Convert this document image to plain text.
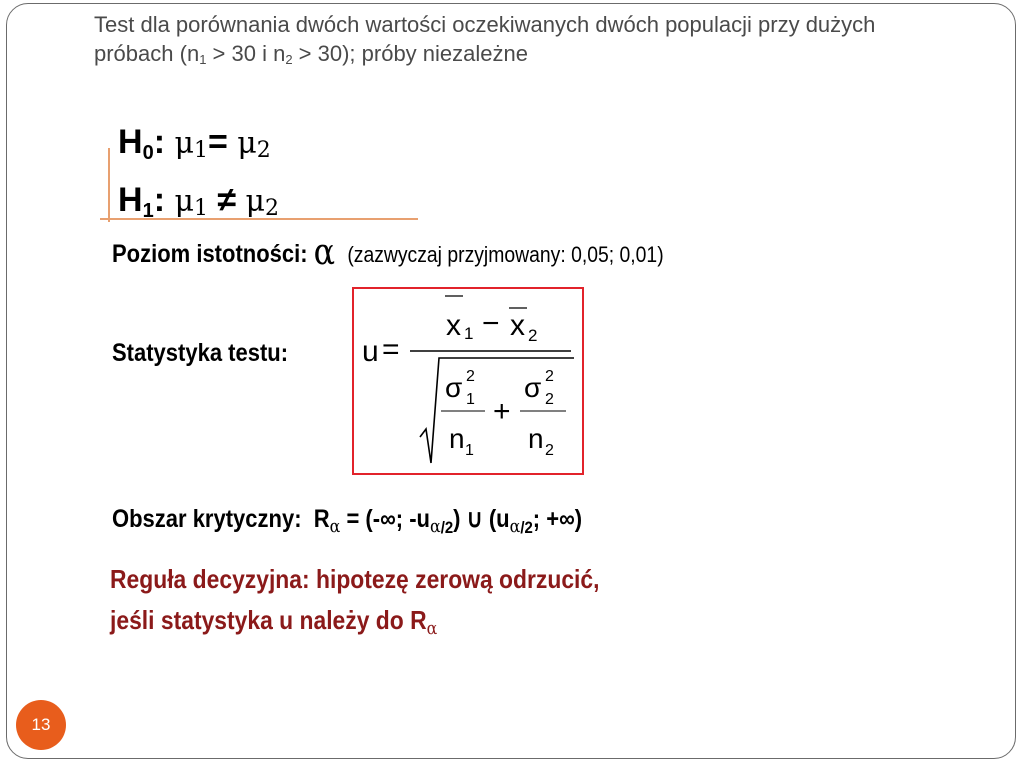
Test dla porównania dwóch wartości oczekiwanych dwóch populacji przy dużych
próbach ($n_1 > 30$ i $n_2 > 30$); próby niezależne
$H_0$: μ1= μ2
$H_1$: μ1 ≠ μ2
Poziom istotności: α (zazwyczaj przyjmowany: 0,05; 0,01)
Statystyka testu: u =
x 1 − x 2
σ 2
1
n 1
+
σ 2
2
n 2
Obszar krytyczny: $R_\alpha$ = (-∞; $-u_{\alpha/2}$) ∪ ($u_{\alpha/2}$; +∞)
Reguła decyzyjna: hipotezę zerową odrzucić,
jeśli statystyka u należy do Rα
13
